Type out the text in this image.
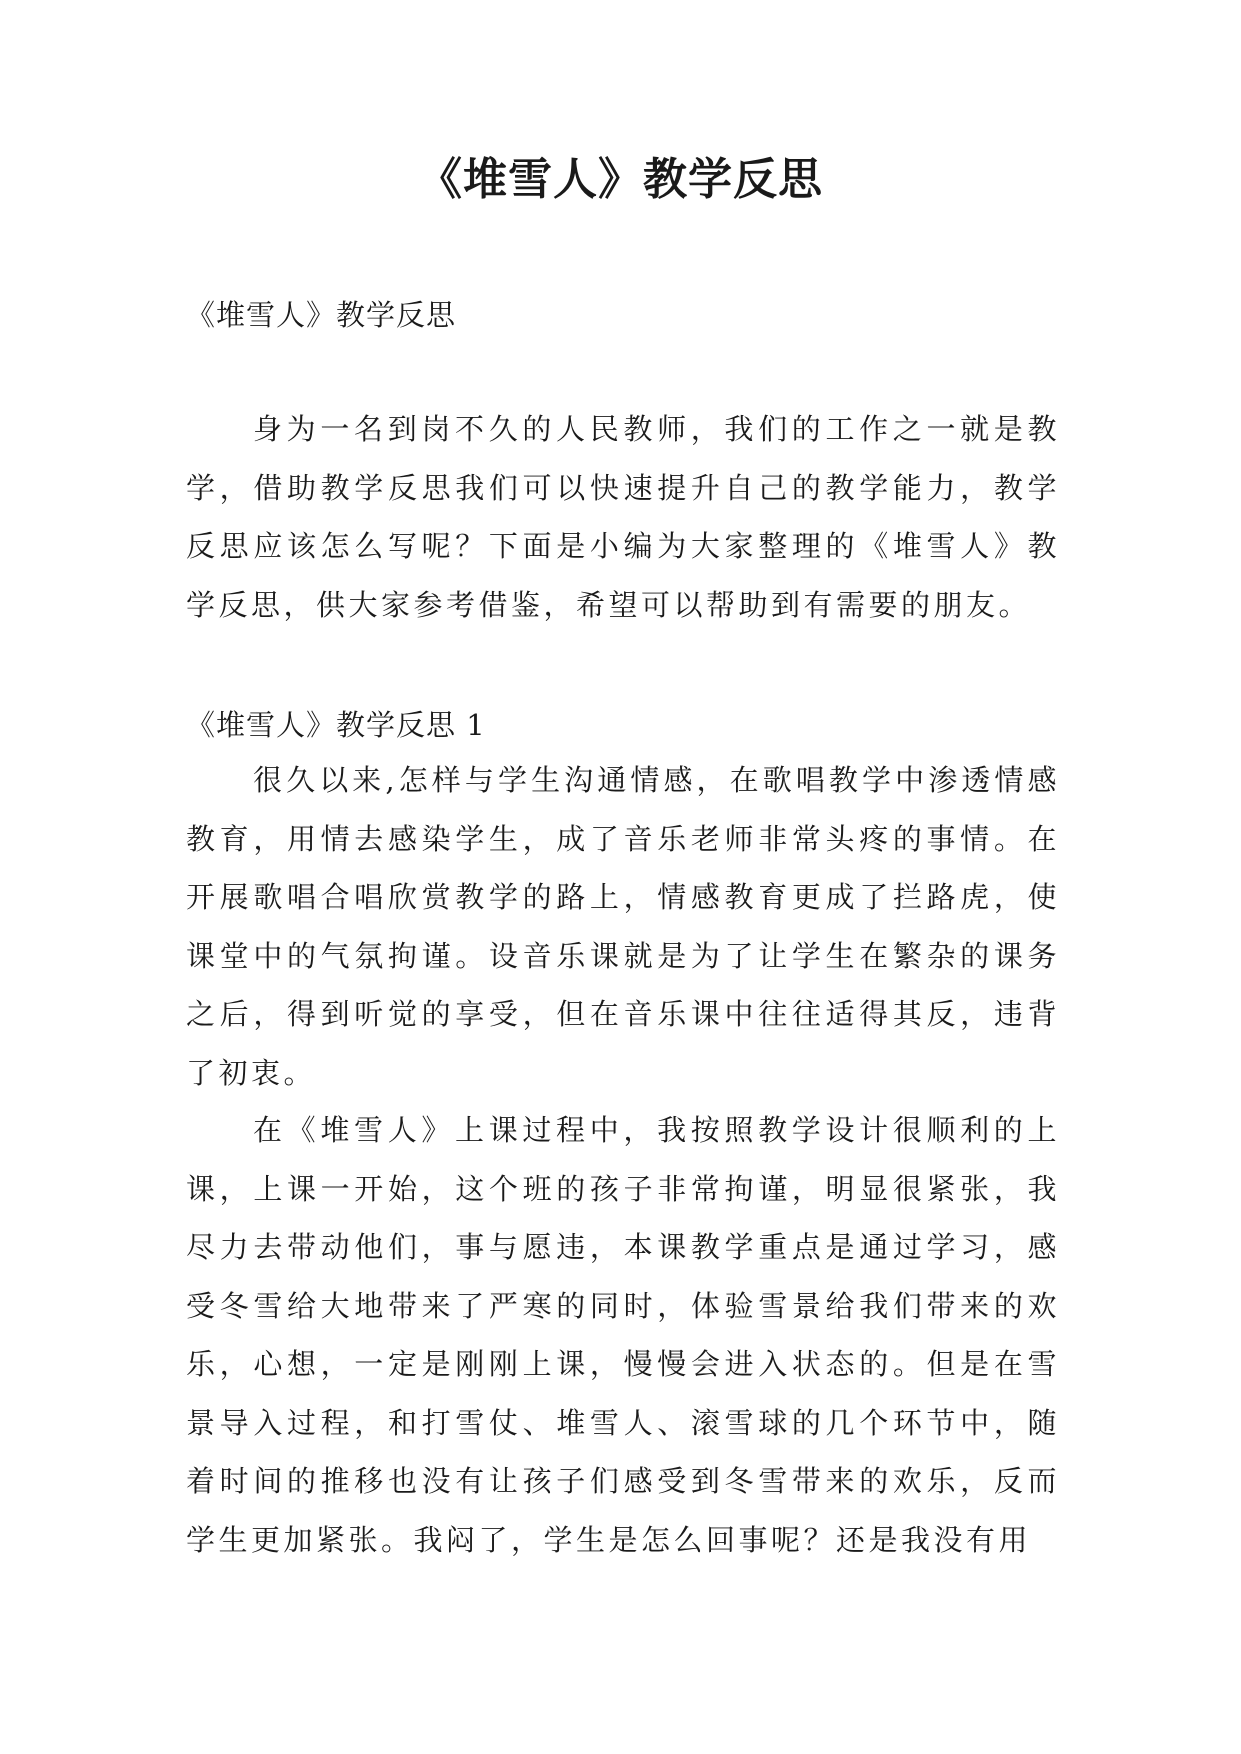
《堆雪人》教学反思
《堆雪人》教学反思

身为一名到岗不久的人民教师，我们的工作之一就是教学，借助教学反思我们可以快速提升自己的教学能力，教学反思应该怎么写呢？下面是小编为大家整理的《堆雪人》教学反思，供大家参考借鉴，希望可以帮助到有需要的朋友。

《堆雪人》教学反思 1

很久以来,怎样与学生沟通情感，在歌唱教学中渗透情感教育，用情去感染学生，成了音乐老师非常头疼的事情。在开展歌唱合唱欣赏教学的路上，情感教育更成了拦路虎，使课堂中的气氛拘谨。设音乐课就是为了让学生在繁杂的课务之后，得到听觉的享受，但在音乐课中往往适得其反，违背了初衷。

在《堆雪人》上课过程中，我按照教学设计很顺利的上课，上课一开始，这个班的孩子非常拘谨，明显很紧张，我尽力去带动他们，事与愿违，本课教学重点是通过学习，感受冬雪给大地带来了严寒的同时，体验雪景给我们带来的欢乐，心想，一定是刚刚上课，慢慢会进入状态的。但是在雪景导入过程，和打雪仗、堆雪人、滚雪球的几个环节中，随着时间的推移也没有让孩子们感受到冬雪带来的欢乐，反而学生更加紧张。我闷了，学生是怎么回事呢？还是我没有用
